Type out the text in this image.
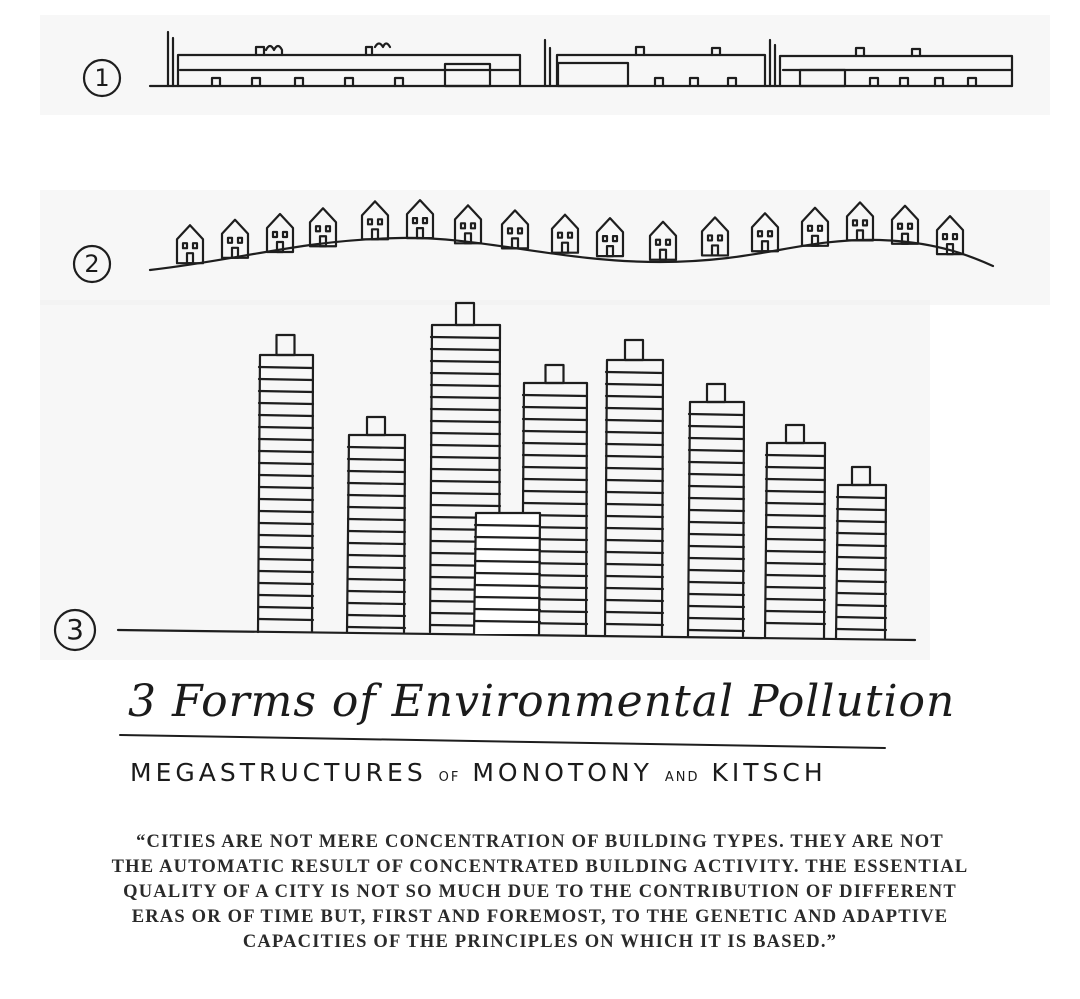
1
2
3
3 Forms of Environmental Pollution
MEGASTRUCTURES OF MONOTONY AND KITSCH
“CITIES ARE NOT MERE CONCENTRATION OF BUILDING TYPES. THEY ARE NOT
THE AUTOMATIC RESULT OF CONCENTRATED BUILDING ACTIVITY. THE ESSENTIAL
QUALITY OF A CITY IS NOT SO MUCH DUE TO THE CONTRIBUTION OF DIFFERENT
ERAS OR OF TIME BUT, FIRST AND FOREMOST, TO THE GENETIC AND ADAPTIVE
CAPACITIES OF THE PRINCIPLES ON WHICH IT IS BASED.”
